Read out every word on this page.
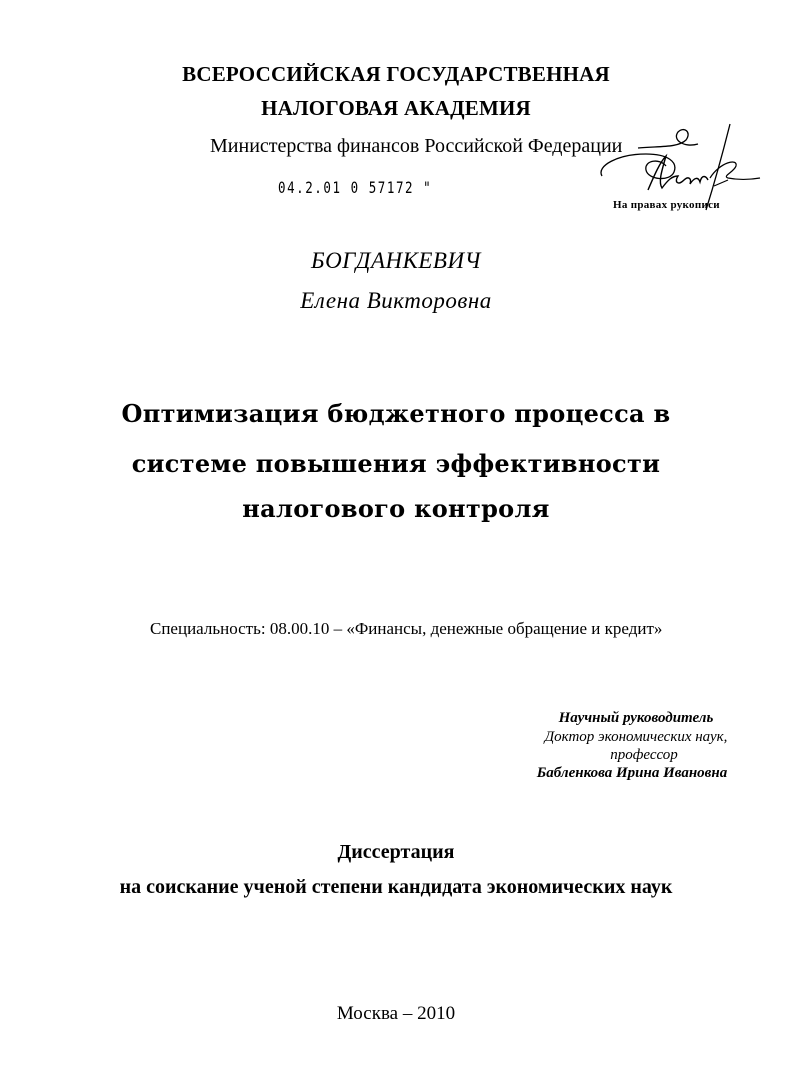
ВСЕРОССИЙСКАЯ ГОСУДАРСТВЕННАЯ
НАЛОГОВАЯ АКАДЕМИЯ
Министерства финансов Российской Федерации
04.2.01 0 57172 "
На правах рукописи
БОГДАНКЕВИЧ
Елена Викторовна
Оптимизация бюджетного процесса в
системе повышения эффективности
налогового контроля
Специальность: 08.00.10 – «Финансы, денежные обращение и кредит»
Научный руководитель
Доктор экономических наук,
профессор
Бабленкова Ирина Ивановна
Диссертация
на соискание ученой степени кандидата экономических наук
Москва – 2010
